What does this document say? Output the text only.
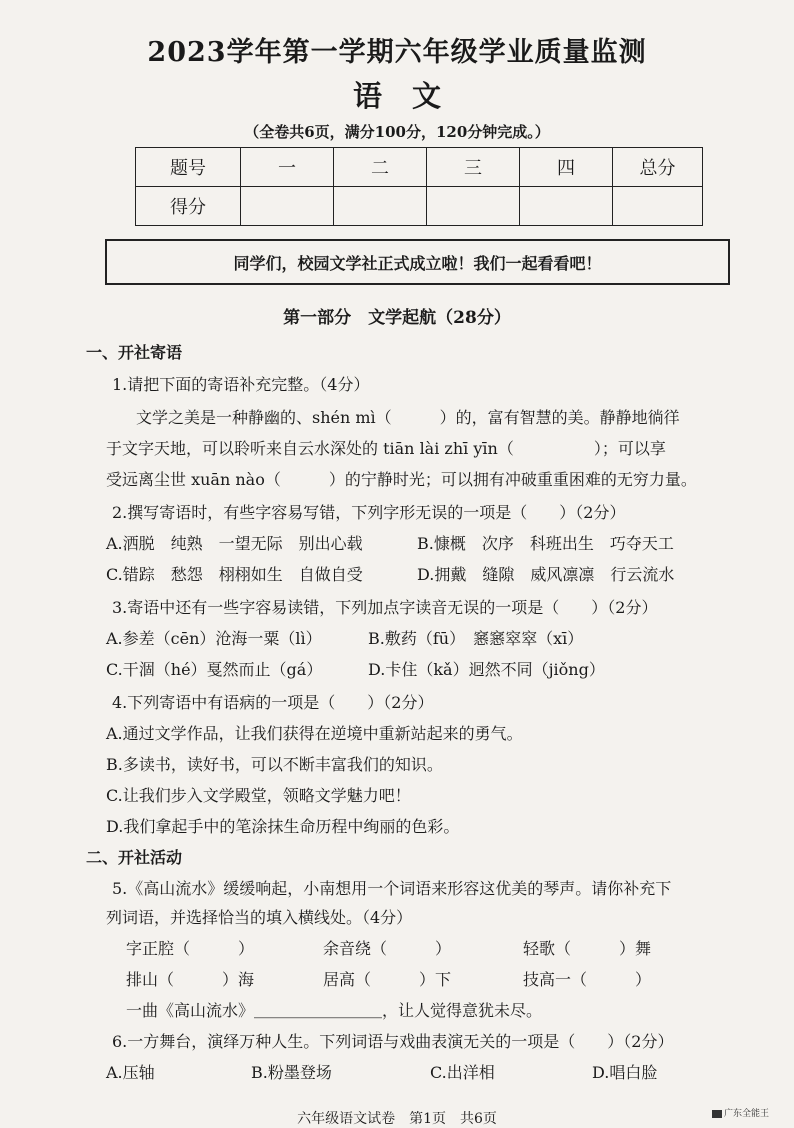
2023学年第一学期六年级学业质量监测
语文
（全卷共6页，满分100分，120分钟完成。）
题号	一	二	三	四	总分
得分					
同学们，校园文学社正式成立啦！我们一起看看吧！
第一部分　文学起航（28分）
一、开社寄语
1.请把下面的寄语补充完整。（4分）
文学之美是一种静幽的、shén mì（　　　）的，富有智慧的美。静静地徜徉
于文字天地，可以聆听来自云水深处的 tiān lài zhī yīn（　　　　　）；可以享
受远离尘世 xuān nào（　　　）的宁静时光；可以拥有冲破重重困难的无穷力量。
2.撰写寄语时，有些字容易写错，下列字形无误的一项是（　　）（2分）
A.洒脱　纯熟　一望无际　别出心载	B.慷概　次序　科班出生　巧夺天工
C.错踪　愁怨　栩栩如生　自做自受	D.拥戴　缝隙　威风凛凛　行云流水
3.寄语中还有一些字容易读错，下列加点字读音无误的一项是（　　）（2分）
A.参差（cēn）沧海一粟（lì）	B.敷药（fū）　窸窸窣窣（xī）
C.干涸（hé）戛然而止（gá）	D.卡住（kǎ）迥然不同（jiǒng）
4.下列寄语中有语病的一项是（　　）（2分）
A.通过文学作品，让我们获得在逆境中重新站起来的勇气。
B.多读书，读好书，可以不断丰富我们的知识。
C.让我们步入文学殿堂，领略文学魅力吧！
D.我们拿起手中的笔涂抹生命历程中绚丽的色彩。
二、开社活动
5.《高山流水》缓缓响起，小南想用一个词语来形容这优美的琴声。请你补充下
列词语，并选择恰当的填入横线处。（4分）
字正腔（　　　）	余音绕（　　　）	轻歌（　　　）舞
排山（　　　）海	居高（　　　）下	技高一（　　　）
一曲《高山流水》＿＿＿＿＿＿＿＿，让人觉得意犹未尽。
6.一方舞台，演绎万种人生。下列词语与戏曲表演无关的一项是（　　）（2分）
A.压轴	B.粉墨登场	C.出洋相	D.唱白脸
六年级语文试卷　第1页　共6页	广东全能王
